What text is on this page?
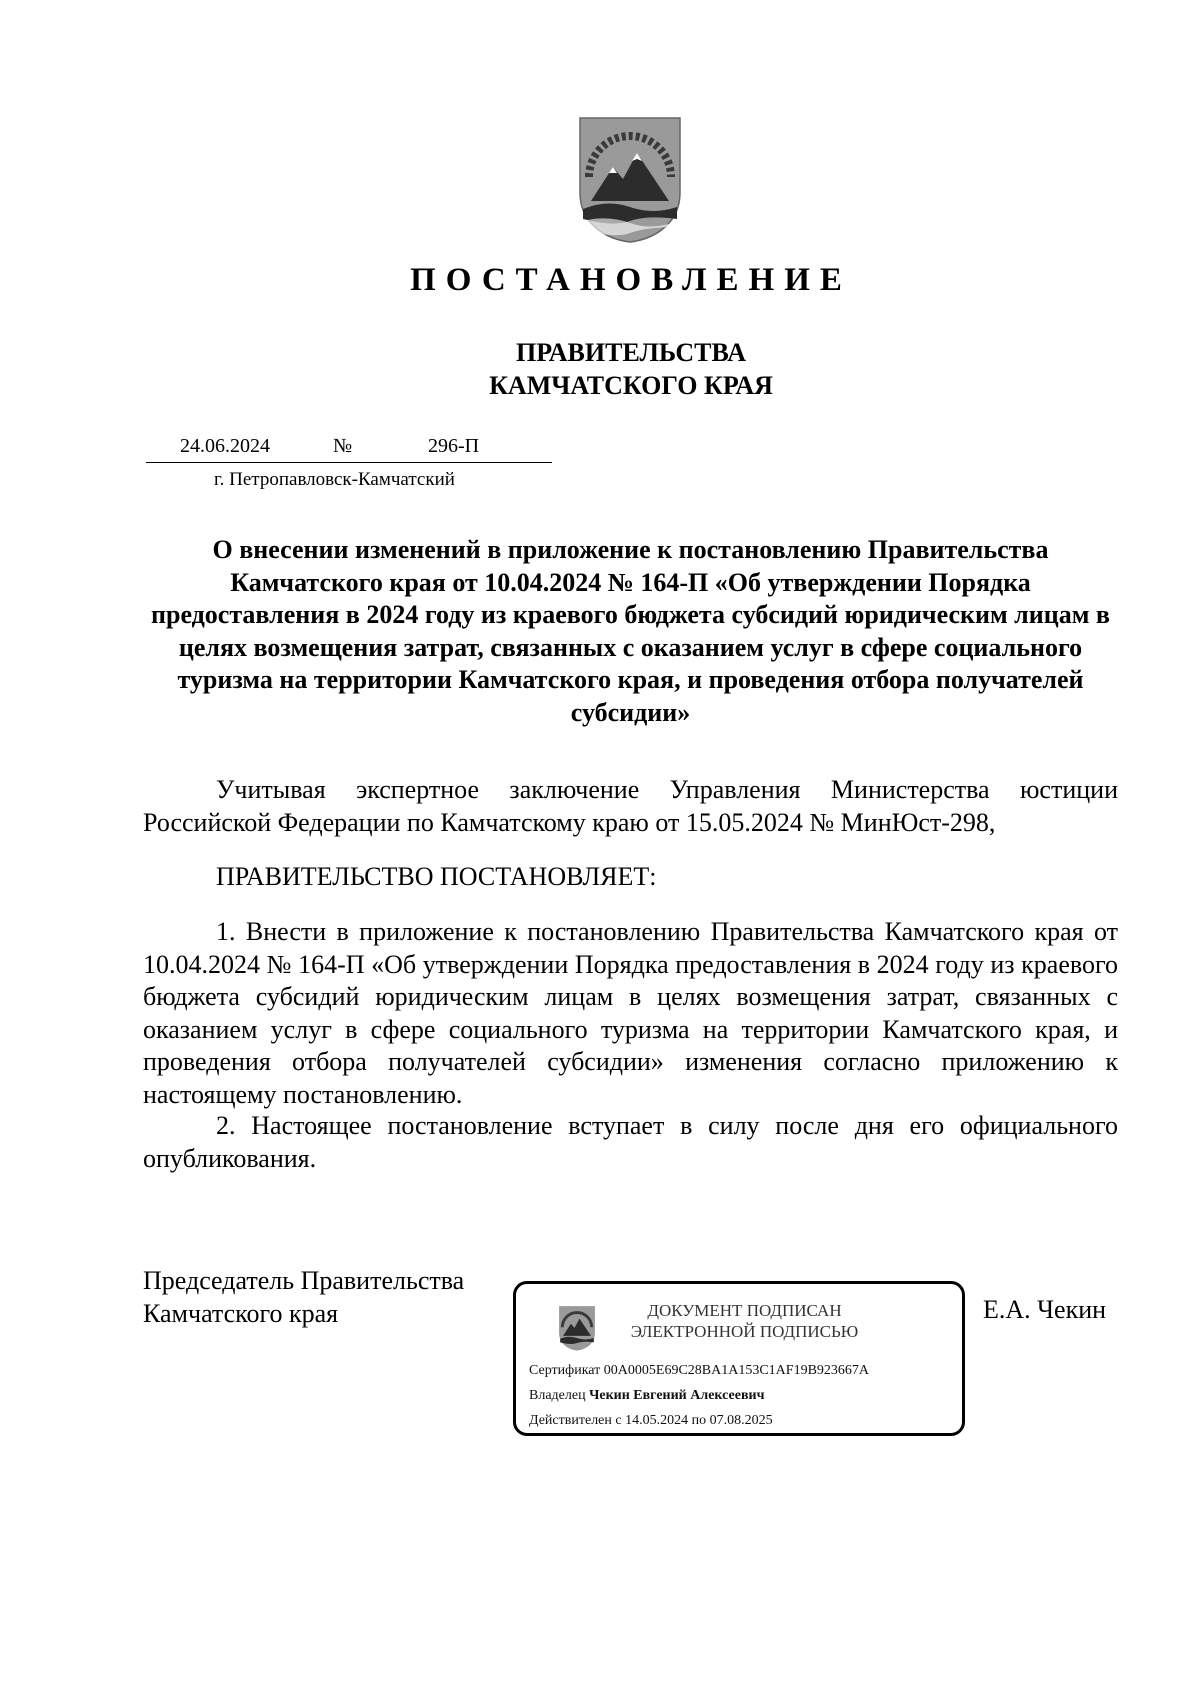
ПОСТАНОВЛЕНИЕ
ПРАВИТЕЛЬСТВА
КАМЧАТСКОГО КРАЯ
24.06.2024	№	296-П
г. Петропавловск-Камчатский
О внесении изменений в приложение к постановлению Правительства Камчатского края от 10.04.2024 № 164-П «Об утверждении Порядка предоставления в 2024 году из краевого бюджета субсидий юридическим лицам в целях возмещения затрат, связанных с оказанием услуг в сфере социального туризма на территории Камчатского края, и проведения отбора получателей субсидии»
Учитывая экспертное заключение Управления Министерства юстиции Российской Федерации по Камчатскому краю от 15.05.2024 № МинЮст-298,
ПРАВИТЕЛЬСТВО ПОСТАНОВЛЯЕТ:
1. Внести в приложение к постановлению Правительства Камчатского края от 10.04.2024 № 164-П «Об утверждении Порядка предоставления в 2024 году из краевого бюджета субсидий юридическим лицам в целях возмещения затрат, связанных с оказанием услуг в сфере социального туризма на территории Камчатского края, и проведения отбора получателей субсидии» изменения согласно приложению к настоящему постановлению.
2. Настоящее постановление вступает в силу после дня его официального опубликования.
Председатель Правительства
Камчатского края	ДОКУМЕНТ ПОДПИСАН
ЭЛЕКТРОННОЙ ПОДПИСЬЮ
Сертификат 00A0005E69C28BA1A153C1AF19B923667A
Владелец Чекин Евгений Алексеевич
Действителен с 14.05.2024 по 07.08.2025
Е.А. Чекин
